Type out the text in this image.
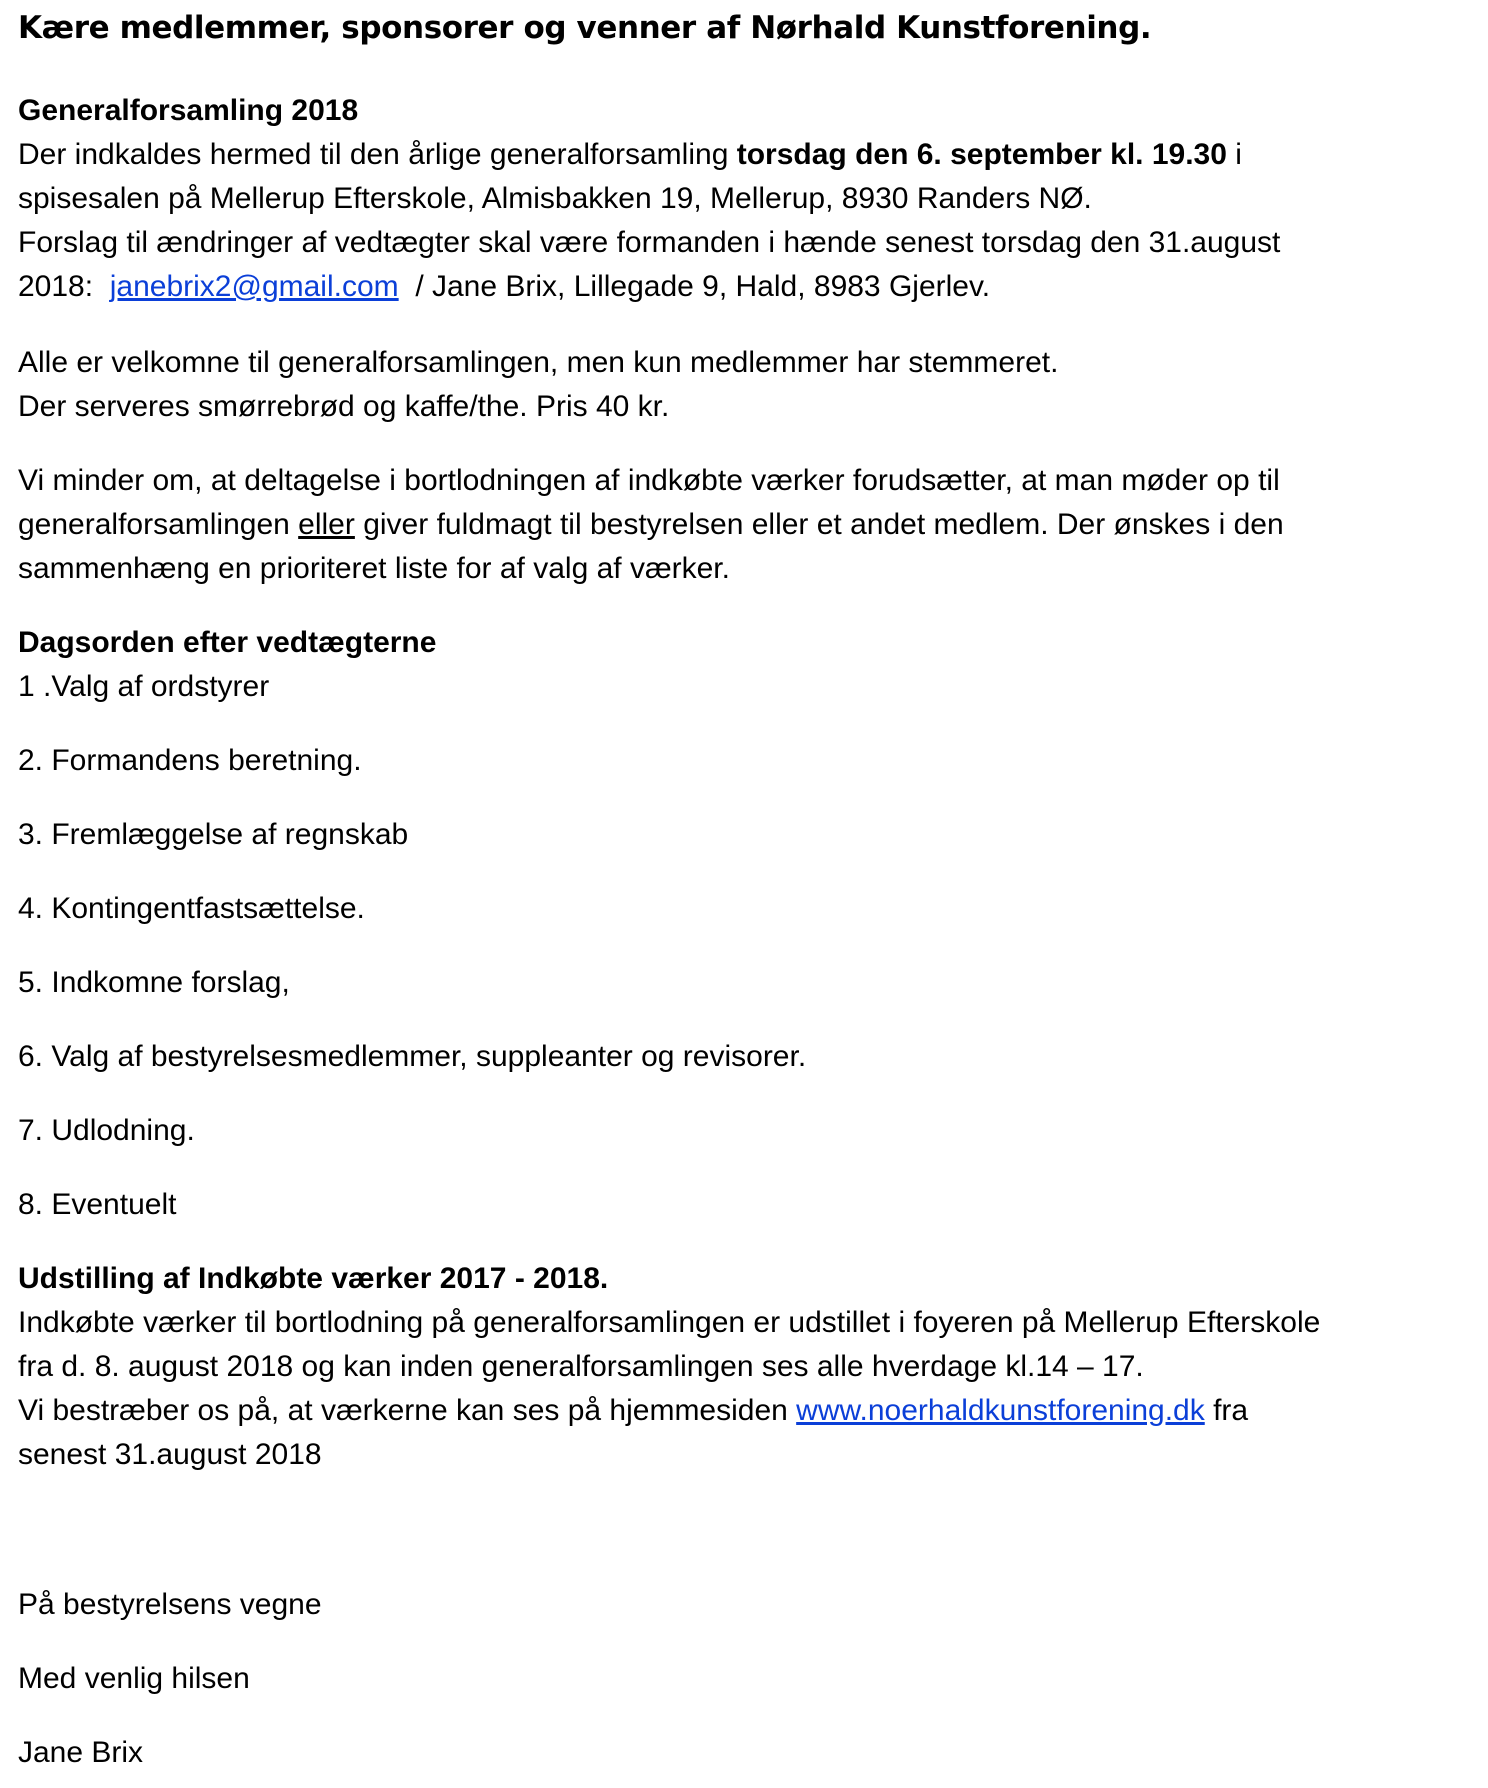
Kære medlemmer, sponsorer og venner af Nørhald Kunstforening.
Generalforsamling 2018
Der indkaldes hermed til den årlige generalforsamling torsdag den 6. september kl. 19.30 i
spisesalen på Mellerup Efterskole, Almisbakken 19, Mellerup, 8930 Randers NØ.
Forslag til ændringer af vedtægter skal være formanden i hænde senest torsdag den 31.august
2018:  janebrix2@gmail.com  / Jane Brix, Lillegade 9, Hald, 8983 Gjerlev.
Alle er velkomne til generalforsamlingen, men kun medlemmer har stemmeret.
Der serveres smørrebrød og kaffe/the. Pris 40 kr.
Vi minder om, at deltagelse i bortlodningen af indkøbte værker forudsætter, at man møder op til
generalforsamlingen eller giver fuldmagt til bestyrelsen eller et andet medlem. Der ønskes i den
sammenhæng en prioriteret liste for af valg af værker.
Dagsorden efter vedtægterne
1 .Valg af ordstyrer
2. Formandens beretning.
3. Fremlæggelse af regnskab
4. Kontingentfastsættelse.
5. Indkomne forslag,
6. Valg af bestyrelsesmedlemmer, suppleanter og revisorer.
7. Udlodning.
8. Eventuelt
Udstilling af Indkøbte værker 2017 - 2018.
Indkøbte værker til bortlodning på generalforsamlingen er udstillet i foyeren på Mellerup Efterskole
fra d. 8. august 2018 og kan inden generalforsamlingen ses alle hverdage kl.14 – 17.
Vi bestræber os på, at værkerne kan ses på hjemmesiden www.noerhaldkunstforening.dk fra
senest 31.august 2018
På bestyrelsens vegne
Med venlig hilsen
Jane Brix
